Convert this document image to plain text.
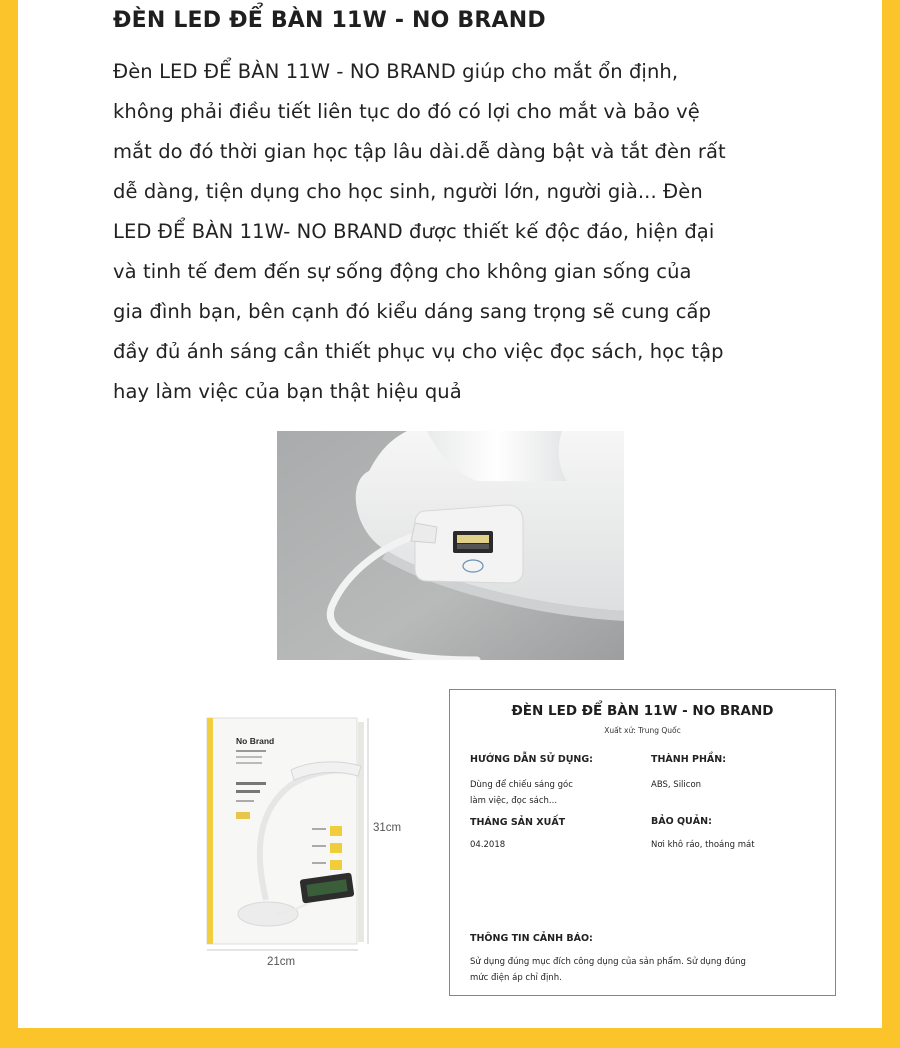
ĐÈN LED ĐỂ BÀN 11W - NO BRAND
Đèn LED ĐỂ BÀN 11W - NO BRAND giúp cho mắt ổn định,
không phải điều tiết liên tục do đó có lợi cho mắt và bảo vệ
mắt do đó thời gian học tập lâu dài.dễ dàng bật và tắt đèn rất
dễ dàng, tiện dụng cho học sinh, người lớn, người già... Đèn
LED ĐỂ BÀN 11W- NO BRAND được thiết kế độc đáo, hiện đại
và tinh tế đem đến sự sống động cho không gian sống của
gia đình bạn, bên cạnh đó kiểu dáng sang trọng sẽ cung cấp
đầy đủ ánh sáng cần thiết phục vụ cho việc đọc sách, học tập
hay làm việc của bạn thật hiệu quả
No Brand
31cm
21cm
ĐÈN LED ĐỂ BÀN 11W - NO BRAND
Xuất xứ: Trung Quốc
HƯỚNG DẪN SỬ DỤNG:
Dùng để chiếu sáng góc
làm việc, đọc sách...
THÀNH PHẦN:
ABS, Silicon
THÁNG SẢN XUẤT
04.2018
BẢO QUẢN:
Nơi khô ráo, thoáng mát
THÔNG TIN CẢNH BÁO:
Sử dụng đúng mục đích công dụng của sản phẩm. Sử dụng đúng
mức điện áp chỉ định.
